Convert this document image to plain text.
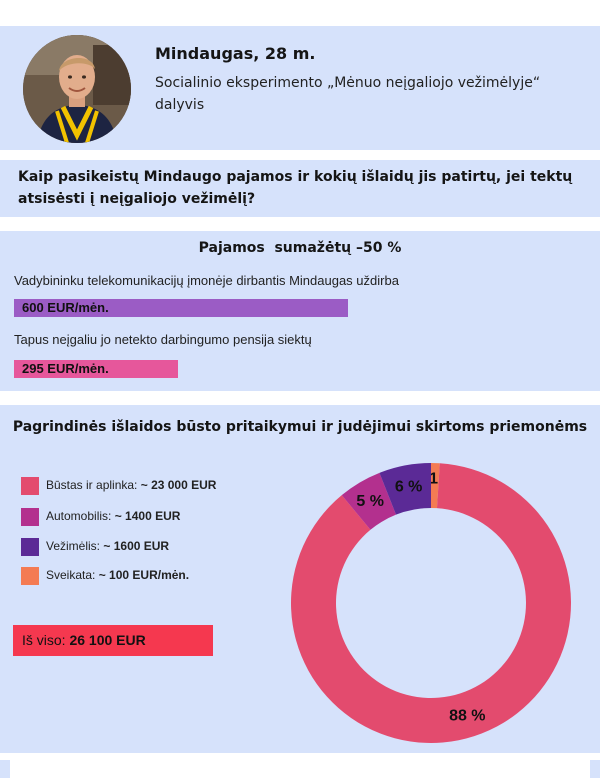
Mindaugas, 28 m.
Socialinio eksperimento „Mėnuo neįgaliojo vežimėlyje“ dalyvis
Kaip pasikeistų Mindaugo pajamos ir kokių išlaidų jis patirtų, jei tektų atsisėsti į neįgaliojo vežimėlį?
Pajamos  sumažėtų –50 %
Vadybininku telekomunikacijų įmonėje dirbantis Mindaugas uždirba
600 EUR/mėn.
Tapus neįgaliu jo netekto darbingumo pensija siektų
295 EUR/mėn.
Pagrindinės išlaidos būsto pritaikymui ir judėjimui skirtoms priemonėms
Būstas ir aplinka: ~ 23 000 EUR
Automobilis: ~ 1400 EUR
Vežimėlis: ~ 1600 EUR
Sveikata: ~ 100 EUR/mėn.
Iš viso: 26 100 EUR
88 %
5 %
6 %
